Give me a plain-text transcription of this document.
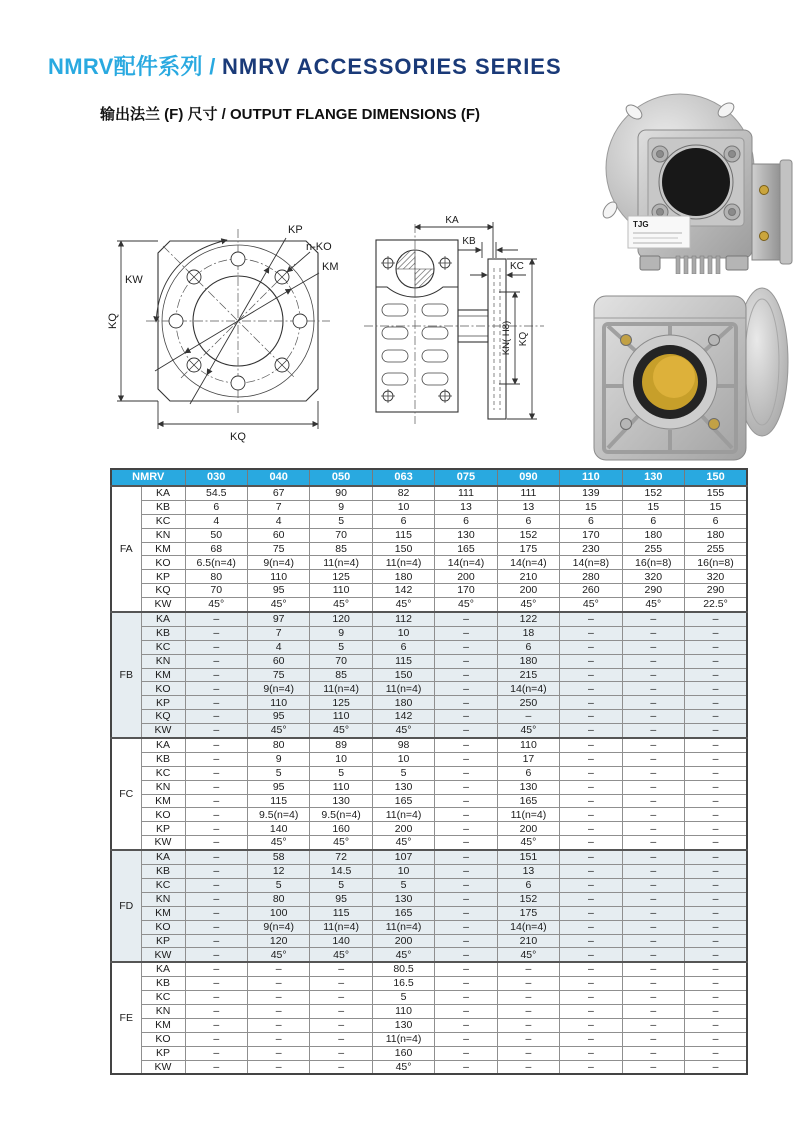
NMRV配件系列 / NMRV ACCESSORIES SERIES
输出法兰 (F) 尺寸 / OUTPUT FLANGE DIMENSIONS (F)
KQ
KQ
KW
KP
n-KO
KM
KA
KB
KC
KN( H8) KQ
TJG
NMRV		030	040	050	063	075	090	110	130	150
FA	KA	54.5	67	90	82	111	111	139	152	155
	KB	6	7	9	10	13	13	15	15	15
	KC	4	4	5	6	6	6	6	6	6
	KN	50	60	70	115	130	152	170	180	180
	KM	68	75	85	150	165	175	230	255	255
	KO	6.5(n=4)	9(n=4)	11(n=4)	11(n=4)	14(n=4)	14(n=4)	14(n=8)	16(n=8)	16(n=8)
	KP	80	110	125	180	200	210	280	320	320
	KQ	70	95	110	142	170	200	260	290	290
	KW	45°	45°	45°	45°	45°	45°	45°	45°	22.5°
FB	KA	–	97	120	112	–	122	–	–	–
	KB	–	7	9	10	–	18	–	–	–
	KC	–	4	5	6	–	6	–	–	–
	KN	–	60	70	115	–	180	–	–	–
	KM	–	75	85	150	–	215	–	–	–
	KO	–	9(n=4)	11(n=4)	11(n=4)	–	14(n=4)	–	–	–
	KP	–	110	125	180	–	250	–	–	–
	KQ	–	95	110	142	–	–	–	–	–
	KW	–	45°	45°	45°	–	45°	–	–	–
FC	KA	–	80	89	98	–	110	–	–	–
	KB	–	9	10	10	–	17	–	–	–
	KC	–	5	5	5	–	6	–	–	–
	KN	–	95	110	130	–	130	–	–	–
	KM	–	115	130	165	–	165	–	–	–
	KO	–	9.5(n=4)	9.5(n=4)	11(n=4)	–	11(n=4)	–	–	–
	KP	–	140	160	200	–	200	–	–	–
	KW	–	45°	45°	45°	–	45°	–	–	–
FD	KA	–	58	72	107	–	151	–	–	–
	KB	–	12	14.5	10	–	13	–	–	–
	KC	–	5	5	5	–	6	–	–	–
	KN	–	80	95	130	–	152	–	–	–
	KM	–	100	115	165	–	175	–	–	–
	KO	–	9(n=4)	11(n=4)	11(n=4)	–	14(n=4)	–	–	–
	KP	–	120	140	200	–	210	–	–	–
	KW	–	45°	45°	45°	–	45°	–	–	–
FE	KA	–	–	–	80.5	–	–	–	–	–
	KB	–	–	–	16.5	–	–	–	–	–
	KC	–	–	–	5	–	–	–	–	–
	KN	–	–	–	110	–	–	–	–	–
	KM	–	–	–	130	–	–	–	–	–
	KO	–	–	–	11(n=4)	–	–	–	–	–
	KP	–	–	–	160	–	–	–	–	–
	KW	–	–	–	45°	–	–	–	–	–
